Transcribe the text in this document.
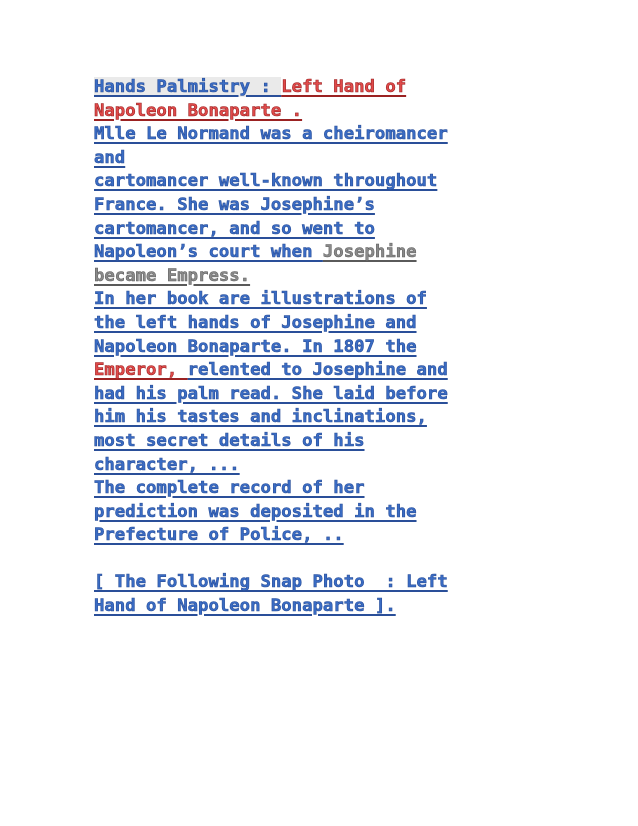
Hands Palmistry : Left Hand of
Napoleon Bonaparte .
Mlle Le Normand was a cheiromancer
and
cartomancer well-known throughout
France. She was Josephine’s
cartomancer, and so went to
Napoleon’s court when Josephine
became Empress.
In her book are illustrations of
the left hands of Josephine and
Napoleon Bonaparte. In 1807 the
Emperor, relented to Josephine and
had his palm read. She laid before
him his tastes and inclinations,
most secret details of his
character, ...
The complete record of her
prediction was deposited in the
Prefecture of Police, ..
[ The Following Snap Photo  : Left
Hand of Napoleon Bonaparte ].
